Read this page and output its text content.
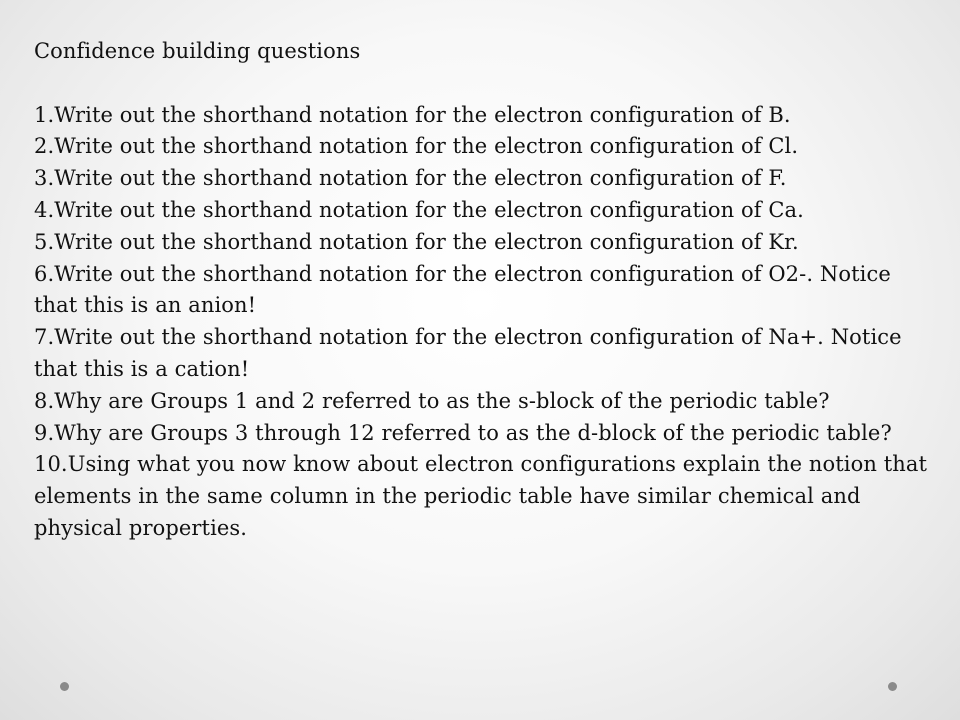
Confidence building questions
1.Write out the shorthand notation for the electron configuration of B.
2.Write out the shorthand notation for the electron configuration of Cl.
3.Write out the shorthand notation for the electron configuration of F.
4.Write out the shorthand notation for the electron configuration of Ca.
5.Write out the shorthand notation for the electron configuration of Kr.
6.Write out the shorthand notation for the electron configuration of O2-. Notice that this is an anion!
7.Write out the shorthand notation for the electron configuration of Na+. Notice that this is a cation!
8.Why are Groups 1 and 2 referred to as the s-block of the periodic table?
9.Why are Groups 3 through 12 referred to as the d-block of the periodic table?
10.Using what you now know about electron configurations explain the notion that elements in the same column in the periodic table have similar chemical and physical properties.
